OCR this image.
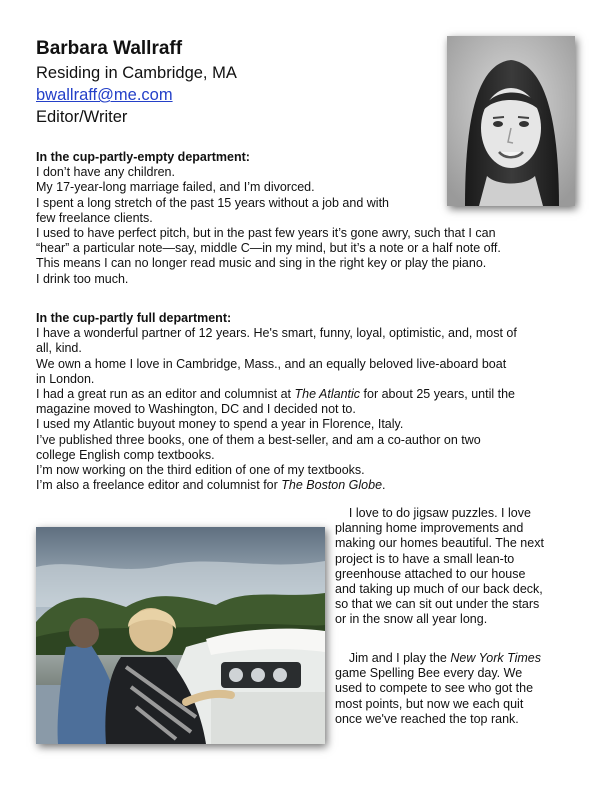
Barbara Wallraff
Residing in Cambridge, MA
bwallraff@me.com
Editor/Writer
In the cup-partly-empty department:
I don’t have any children.
My 17-year-long marriage failed, and I’m divorced.
I spent a long stretch of the past 15 years without a job and with
few freelance clients.
I used to have perfect pitch, but in the past few years it’s gone awry, such that I can
“hear” a particular note—say, middle C—in my mind, but it’s a note or a half note off.
This means I can no longer read music and sing in the right key or play the piano.
I drink too much.
In the cup-partly full department:
I have a wonderful partner of 12 years. He's smart, funny, loyal, optimistic, and, most of
all, kind.
We own a home I love in Cambridge, Mass., and an equally beloved live-aboard boat
in London.
I had a great run as an editor and columnist at The Atlantic for about 25 years, until the
magazine moved to Washington, DC and I decided not to.
I used my Atlantic buyout money to spend a year in Florence, Italy.
I’ve published three books, one of them a best-seller, and am a co-author on two
college English comp textbooks.
I’m now working on the third edition of one of my textbooks.
I’m also a freelance editor and columnist for The Boston Globe.
I love to do jigsaw puzzles. I love
planning home improvements and
making our homes beautiful. The next
project is to have a small lean-to
greenhouse attached to our house
and taking up much of our back deck,
so that we can sit out under the stars
or in the snow all year long.
Jim and I play the New York Times
game Spelling Bee every day. We
used to compete to see who got the
most points, but now we each quit
once we've reached the top rank.
